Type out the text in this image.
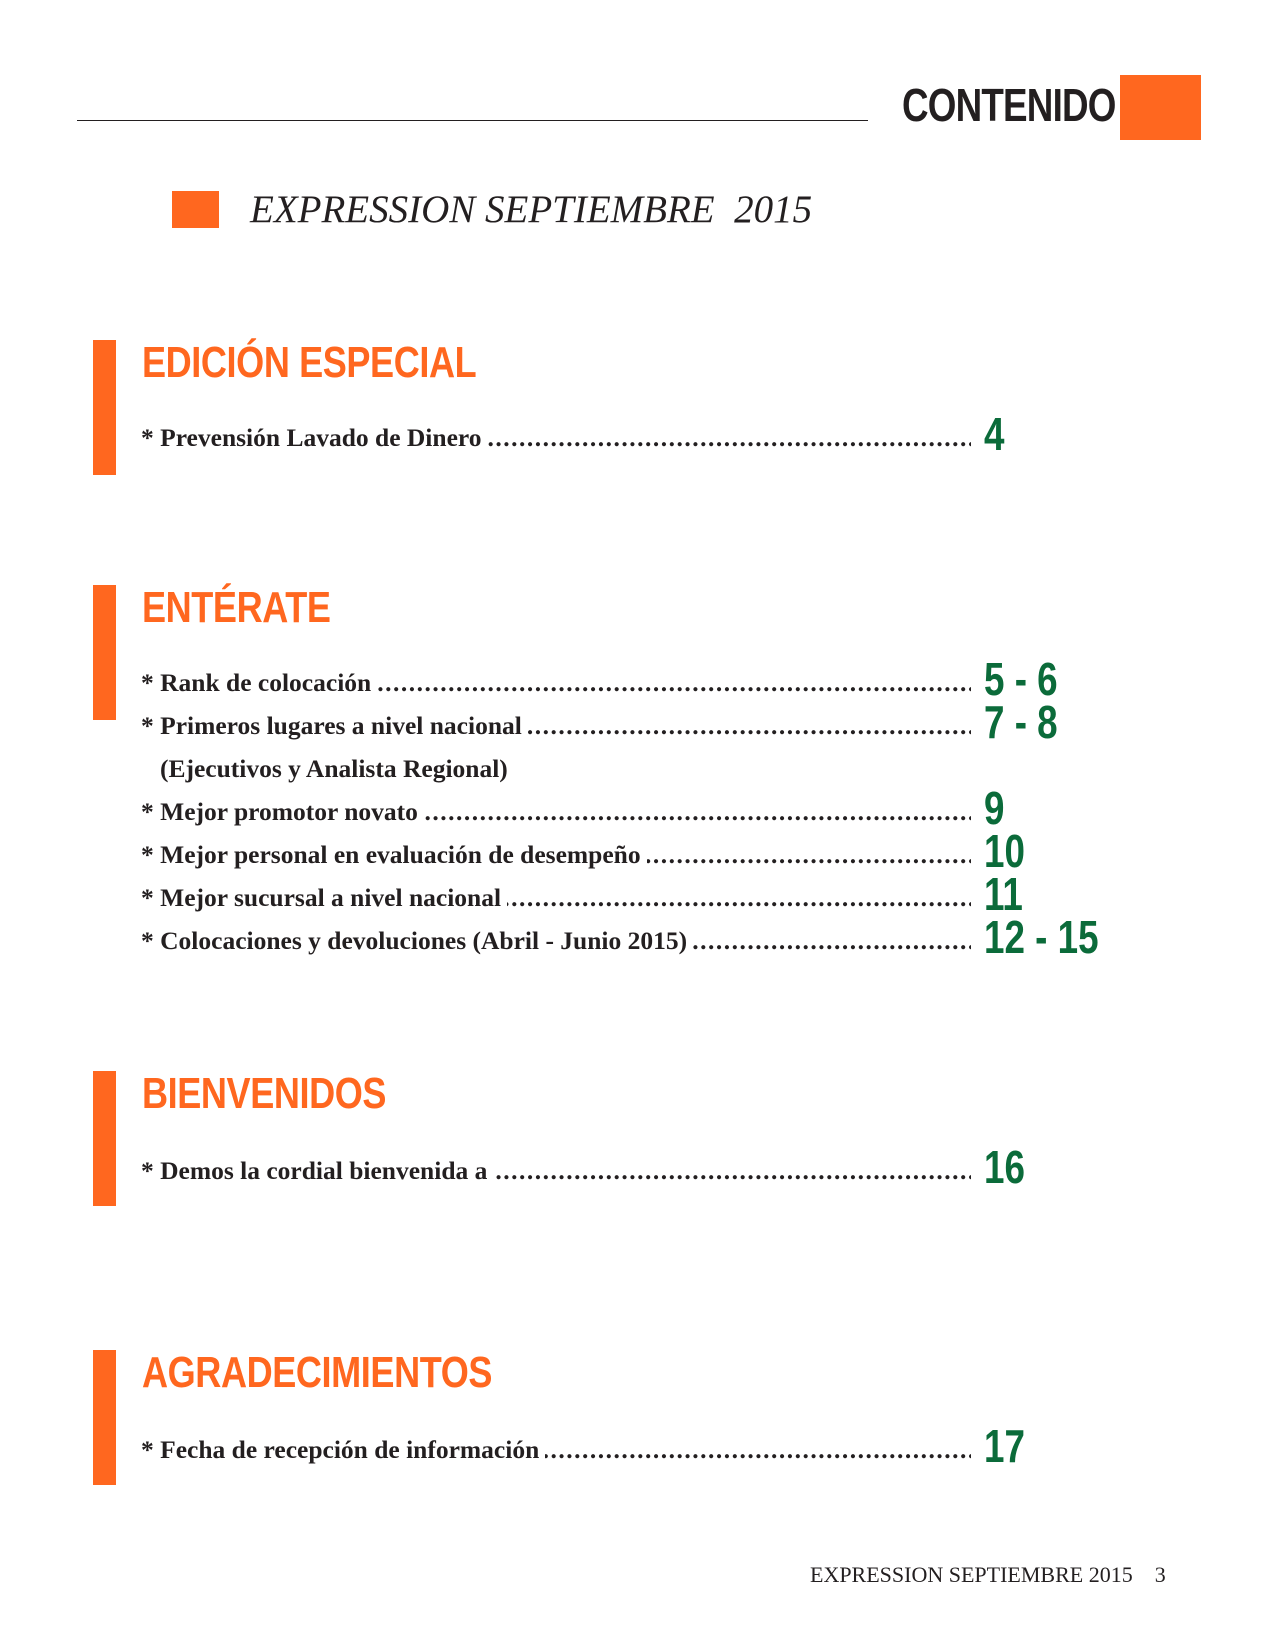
CONTENIDO
EXPRESSION SEPTIEMBRE  2015
EDICIÓN ESPECIAL
.....
* Prevensión Lavado de Dinero	4
ENTÉRATE
.....
* Rank de colocación	5 - 6
.....
* Primeros lugares a nivel nacional	7 - 8
(Ejecutivos y Analista Regional)
.....
* Mejor promotor novato	9
.....
* Mejor personal en evaluación de desempeño	10
.....
* Mejor sucursal a nivel nacional	11
.....
* Colocaciones y devoluciones (Abril - Junio 2015)	12 - 15
BIENVENIDOS
.....
* Demos la cordial bienvenida a	16
AGRADECIMIENTOS
.....
* Fecha de recepción de información	17
EXPRESSION SEPTIEMBRE 2015 3
